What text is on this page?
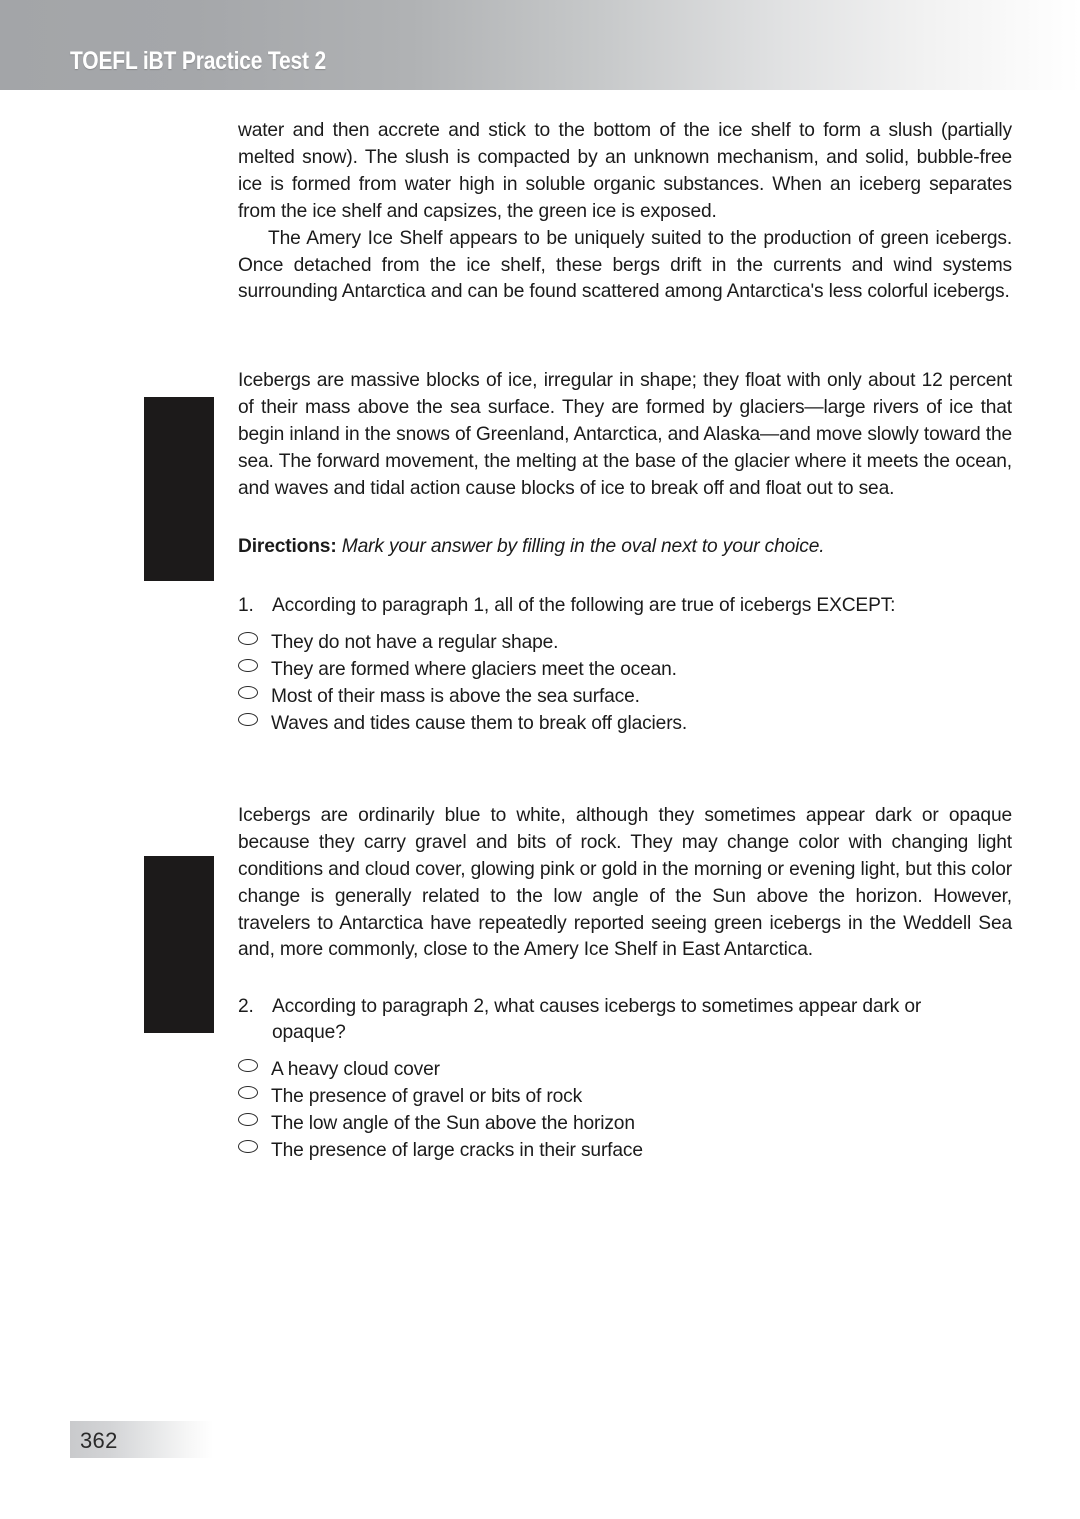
TOEFL iBT Practice Test 2

water and then accrete and stick to the bottom of the ice shelf to form a slush (partially melted snow). The slush is compacted by an unknown mechanism, and solid, bubble-free ice is formed from water high in soluble organic substances. When an iceberg separates from the ice shelf and capsizes, the green ice is exposed.

The Amery Ice Shelf appears to be uniquely suited to the production of green icebergs. Once detached from the ice shelf, these bergs drift in the currents and wind systems surrounding Antarctica and can be found scattered among Antarctica's less colorful icebergs.

Icebergs are massive blocks of ice, irregular in shape; they float with only about 12 percent of their mass above the sea surface. They are formed by glaciers—large rivers of ice that begin inland in the snows of Greenland, Antarctica, and Alaska—and move slowly toward the sea. The forward movement, the melting at the base of the glacier where it meets the ocean, and waves and tidal action cause blocks of ice to break off and float out to sea.

Directions: Mark your answer by filling in the oval next to your choice.

1. According to paragraph 1, all of the following are true of icebergs EXCEPT:
They do not have a regular shape.
They are formed where glaciers meet the ocean.
Most of their mass is above the sea surface.
Waves and tides cause them to break off glaciers.

Icebergs are ordinarily blue to white, although they sometimes appear dark or opaque because they carry gravel and bits of rock. They may change color with changing light conditions and cloud cover, glowing pink or gold in the morning or evening light, but this color change is generally related to the low angle of the Sun above the horizon. However, travelers to Antarctica have repeatedly reported seeing green icebergs in the Weddell Sea and, more commonly, close to the Amery Ice Shelf in East Antarctica.

2. According to paragraph 2, what causes icebergs to sometimes appear dark or opaque?
A heavy cloud cover
The presence of gravel or bits of rock
The low angle of the Sun above the horizon
The presence of large cracks in their surface
362
